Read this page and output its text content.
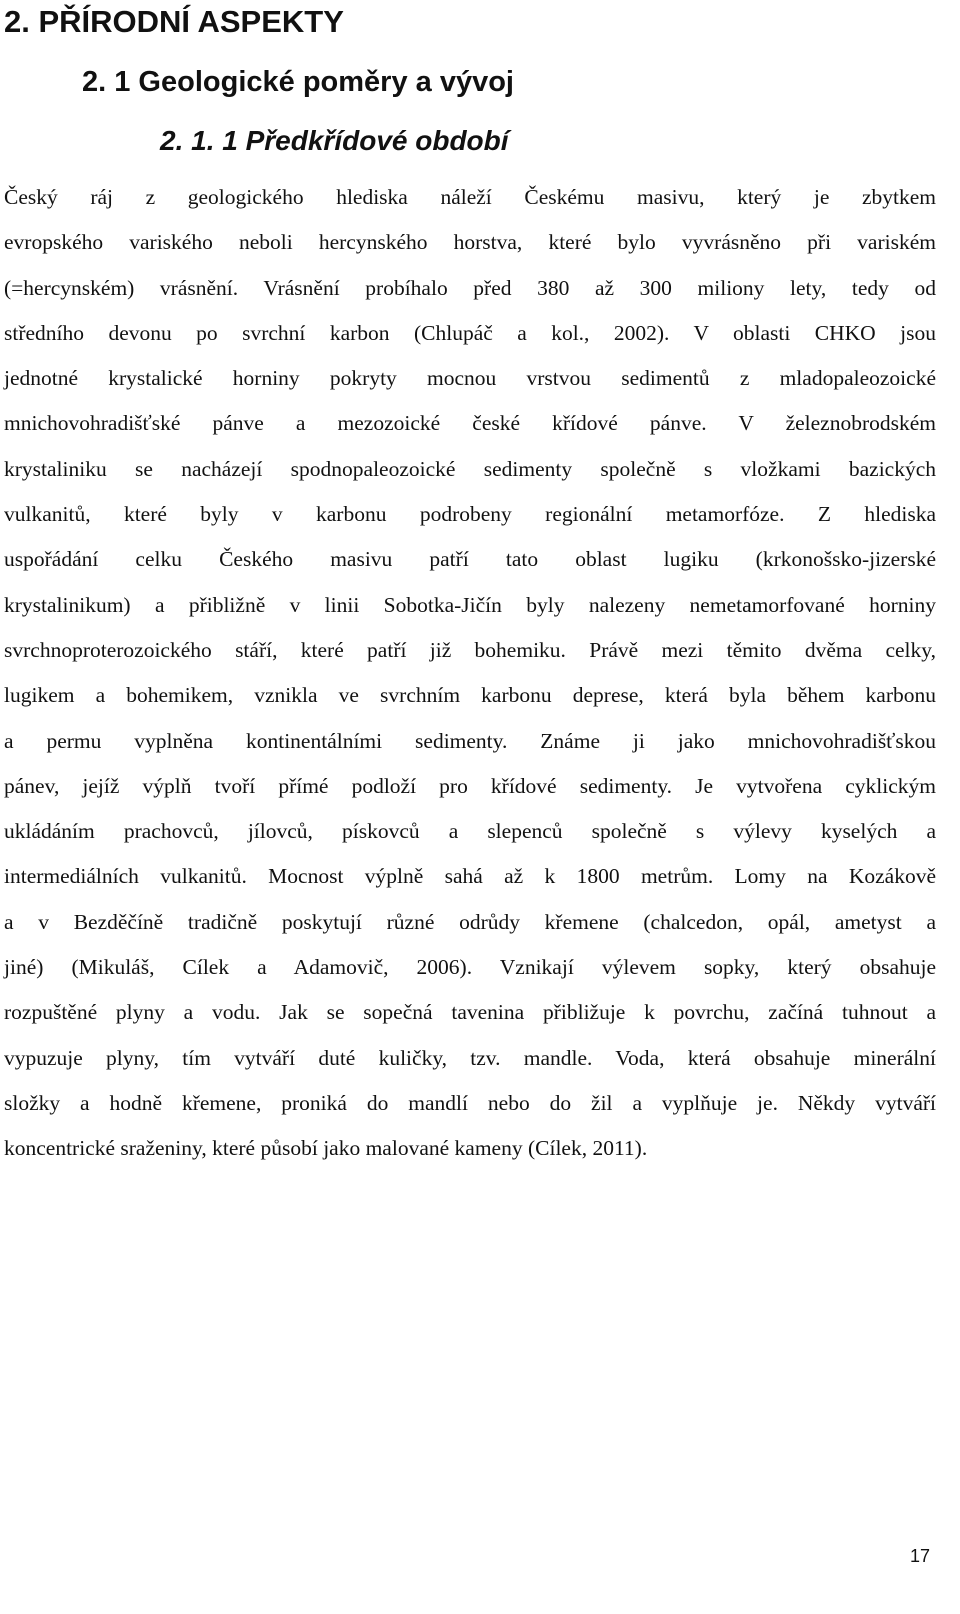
2. PŘÍRODNÍ ASPEKTY
2. 1 Geologické poměry a vývoj
2. 1. 1 Předkřídové období
Český ráj z geologického hlediska náleží Českému masivu, který je zbytkem
evropského variského neboli hercynského horstva, které bylo vyvrásněno při variském
(=hercynském) vrásnění. Vrásnění probíhalo před 380 až 300 miliony lety, tedy od
středního devonu po svrchní karbon (Chlupáč a kol., 2002). V oblasti CHKO jsou
jednotné krystalické horniny pokryty mocnou vrstvou sedimentů z mladopaleozoické
mnichovohradišťské pánve a mezozoické české křídové pánve. V železnobrodském
krystaliniku se nacházejí spodnopaleozoické sedimenty společně s vložkami bazických
vulkanitů, které byly v karbonu podrobeny regionální metamorfóze. Z hlediska
uspořádání celku Českého masivu patří tato oblast lugiku (krkonošsko-jizerské
krystalinikum) a přibližně v linii Sobotka-Jičín byly nalezeny nemetamorfované horniny
svrchnoproterozoického stáří, které patří již bohemiku. Právě mezi těmito dvěma celky,
lugikem a bohemikem, vznikla ve svrchním karbonu deprese, která byla během karbonu
a permu vyplněna kontinentálními sedimenty. Známe ji jako mnichovohradišťskou
pánev, jejíž výplň tvoří přímé podloží pro křídové sedimenty. Je vytvořena cyklickým
ukládáním prachovců, jílovců, pískovců a slepenců společně s výlevy kyselých a
intermediálních vulkanitů. Mocnost výplně sahá až k 1800 metrům. Lomy na Kozákově
a v Bezděčíně tradičně poskytují různé odrůdy křemene (chalcedon, opál, ametyst a
jiné) (Mikuláš, Cílek a Adamovič, 2006). Vznikají výlevem sopky, který obsahuje
rozpuštěné plyny a vodu. Jak se sopečná tavenina přibližuje k povrchu, začíná tuhnout a
vypuzuje plyny, tím vytváří duté kuličky, tzv. mandle. Voda, která obsahuje minerální
složky a hodně křemene, proniká do mandlí nebo do žil a vyplňuje je. Někdy vytváří
koncentrické sraženiny, které působí jako malované kameny (Cílek, 2011).
17
